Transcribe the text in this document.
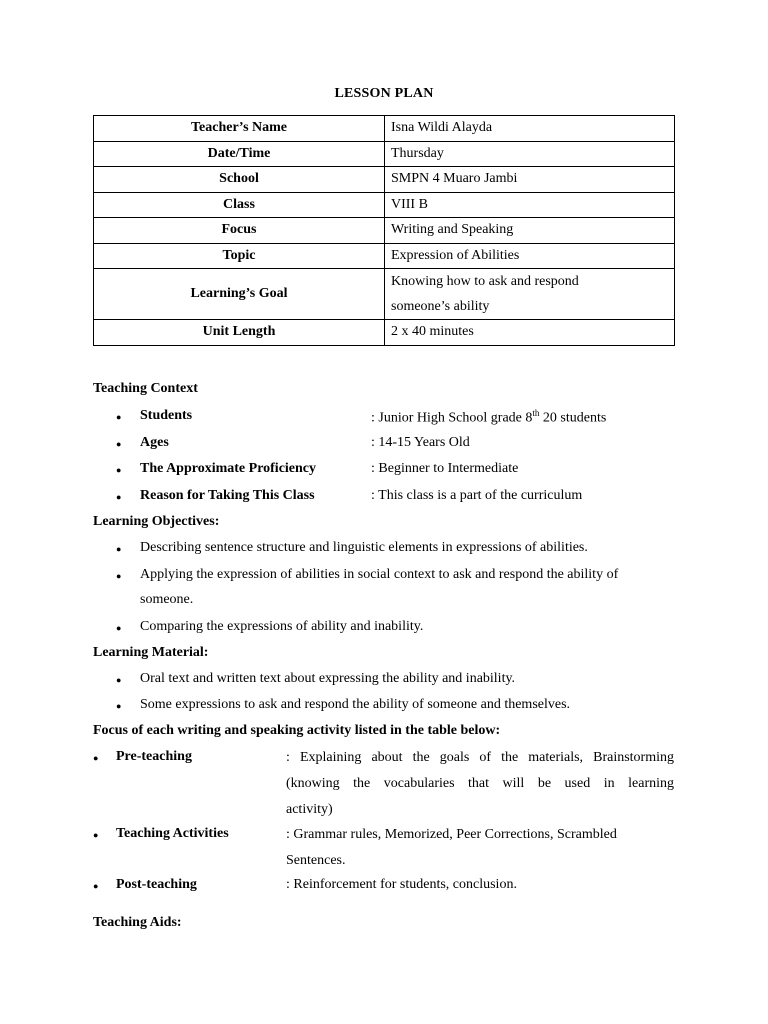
LESSON PLAN
Teacher’s Name	Isna Wildi Alayda
Date/Time	Thursday
School	SMPN 4 Muaro Jambi
Class	VIII B
Focus	Writing and Speaking
Topic	Expression of Abilities
Learning’s Goal	Knowing how to ask and respond
someone’s ability

Unit Length	2 x 40 minutes
Teaching Context
●
Students	: Junior High School grade 8th 20 students
●
Ages	: 14-15 Years Old
●
The Approximate Proficiency	: Beginner to Intermediate
●
Reason for Taking This Class	: This class is a part of the curriculum
Learning Objectives:
●
Describing sentence structure and linguistic elements in expressions of abilities.
●
Applying the expression of abilities in social context to ask and respond the ability of
someone.
●
Comparing the expressions of ability and inability.
Learning Material:
●
Oral text and written text about expressing the ability and inability.
●
Some expressions to ask and respond the ability of someone and themselves.
Focus of each writing and speaking activity listed in the table below:
●
Pre-teaching	: Explaining about the goals of the materials, Brainstorming
(knowing the vocabularies that will be used in learning
activity)
●
Teaching Activities	: Grammar rules, Memorized, Peer Corrections, Scrambled
Sentences.
●
Post-teaching	: Reinforcement for students, conclusion.
Teaching Aids:
